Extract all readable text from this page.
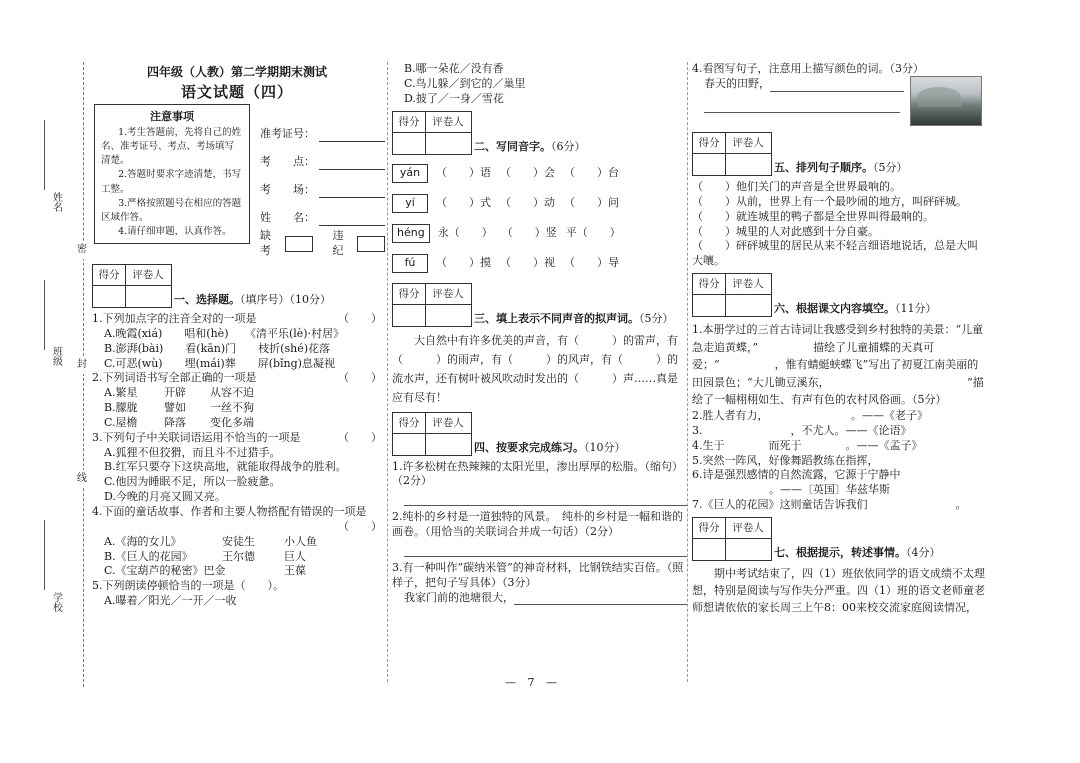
姓名
班级
学校
密
封
线
四年级（人教）第二学期期末测试
语文试题（四）
注意事项

1.考生答题前，先将自己的姓名、准考证号、考点、考场填写清楚。

2.答题时要求字迹清楚，书写工整。

3.严格按照题号在相应的答题区域作答。

4.请仔细审题，认真作答。

准考证号：
考　　点：
考　　场：
姓　　名：
缺考
违纪
得分	评卷人
一、选择题。（填序号）（10分）
1.下列加点字的注音全对的一项是	（　　）
A.晚霞(xiá)　　唱和(hè)　　《清平乐(lè)·村居》
B.澎湃(bài)　　看(kān)门　　枝折(shé)花落
C.可恶(wù)　　埋(mái)葬　　屏(bǐng)息凝视
2.下列词语书写全部正确的一项是	（　　）
A.繁星	开辟	从容不迫
B.朦胧	譬如	一丝不狗
C.屋檐	降落	变化多端
3.下列句子中关联词语运用不恰当的一项是	（　　）
A.狐狸不但狡猾，而且斗不过猎手。
B.红军只要夺下这块高地，就能取得战争的胜利。
C.他因为睡眠不足，所以一脸疲惫。
D.今晚的月亮又圆又亮。
4.下面的童话故事、作者和主要人物搭配有错误的一项是
（　　）
A.《海的女儿》	安徒生	小人鱼
B.《巨人的花园》	王尔德	巨人
C.《宝葫芦的秘密》巴金	王葆
5.下列朗读停顿恰当的一项是（　　）。
A.曝着／阳光／一开／一收
B.哪一朵花／没有香
C.鸟儿躲／到它的／巢里
D.披了／一身／雪花
得分	评卷人
二、写同音字。（6分）
yán	（　　）语 （　　）会 （　　）台
yí	（　　）式 （　　）动 （　　）问
héng	永（　　） （　　）竖 平（　　）
fú	（　　）摸 （　　）视 （　　）导
得分	评卷人
三、填上表示不同声音的拟声词。（5分）
大自然中有许多优美的声音，有（　　　）的雷声，有（　　　）的雨声，有（　　　）的风声，有（　　　）的流水声，还有树叶被风吹动时发出的（　　　）声……真是应有尽有！
得分	评卷人
四、按要求完成练习。（10分）
1.许多松树在热辣辣的太阳光里，渗出厚厚的松脂。（缩句）（2分）
2.纯朴的乡村是一道独特的风景。　纯朴的乡村是一幅和谐的画卷。（用恰当的关联词合并成一句话）（2分）
3.有一种叫作“碳纳米管”的神奇材料，比钢铁结实百倍。（照样子，把句子写具体）（3分）
我家门前的池塘很大，
4.看图写句子，注意用上描写颜色的词。（3分）
春天的田野，
得分	评卷人
五、排列句子顺序。（5分）
（　　）他们关门的声音是全世界最响的。
（　　）从前，世界上有一个最吵闹的地方，叫砰砰城。
（　　）就连城里的鸭子都是全世界叫得最响的。
（　　）城里的人对此感到十分自豪。
（　　）砰砰城里的居民从来不轻言细语地说话，总是大叫大嚷。
得分	评卷人
六、根据课文内容填空。（11分）
1.本册学过的三首古诗词让我感受到乡村独特的美景：“儿童急走追黄蝶，”　　　　　描绘了儿童捕蝶的天真可爱；“　　　　　，惟有蜻蜓蛱蝶飞”写出了初夏江南美丽的田园景色；“大儿锄豆溪东，　　　　　　　　　　　　　”描绘了一幅栩栩如生、有声有色的农村风俗画。（5分）
2.胜人者有力，　　　　　　　　。——《老子》
3.　　　　　　　　，不尤人。——《论语》
4.生于　　　　而死于　　　　。——《孟子》
5.突然一阵风，好像舞蹈教练在指挥，　　　　　　
6.诗是强烈感情的自然流露，它源于宁静中　　　　　
　　　　　　　。——〔英国〕华兹华斯
7.《巨人的花园》这则童话告诉我们　　　　　　　　。
得分	评卷人
七、根据提示，转述事情。（4分）
期中考试结束了，四（1）班依依同学的语文成绩不太理想，特别是阅读与写作失分严重。四（1）班的语文老师童老师想请依依的家长周三上午8：00来校交流家庭阅读情况，
— 7 —
